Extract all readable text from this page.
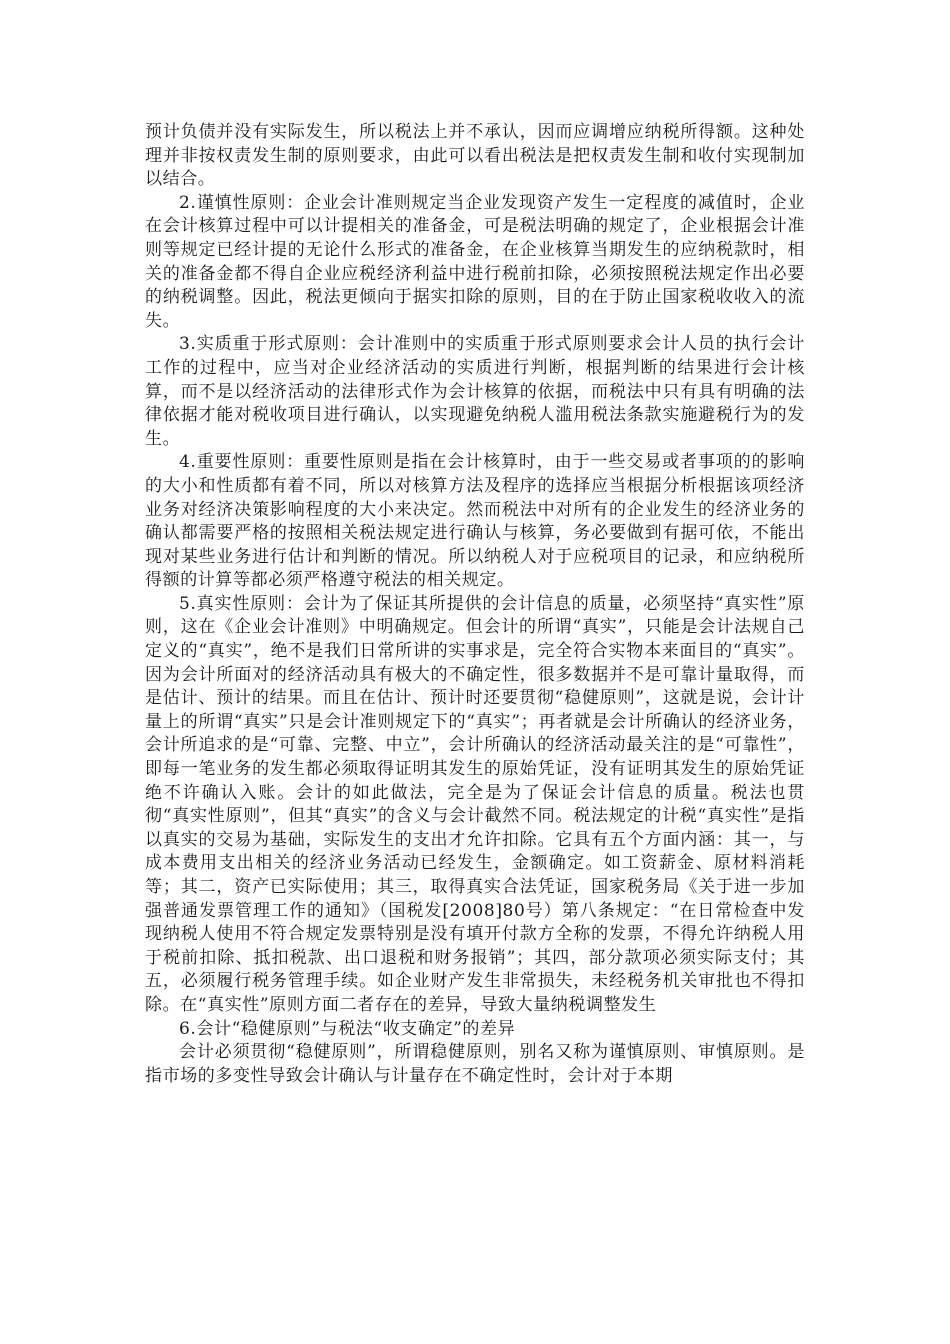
预计负债并没有实际发生，所以税法上并不承认，因而应调增应纳税所得额。这种处理并非按权责发生制的原则要求，由此可以看出税法是把权责发生制和收付实现制加以结合。

2.谨慎性原则：企业会计准则规定当企业发现资产发生一定程度的减值时，企业在会计核算过程中可以计提相关的准备金，可是税法明确的规定了，企业根据会计准则等规定已经计提的无论什么形式的准备金，在企业核算当期发生的应纳税款时，相关的准备金都不得自企业应税经济利益中进行税前扣除，必须按照税法规定作出必要的纳税调整。因此，税法更倾向于据实扣除的原则，目的在于防止国家税收收入的流失。

3.实质重于形式原则：会计准则中的实质重于形式原则要求会计人员的执行会计工作的过程中，应当对企业经济活动的实质进行判断，根据判断的结果进行会计核算，而不是以经济活动的法律形式作为会计核算的依据，而税法中只有具有明确的法律依据才能对税收项目进行确认，以实现避免纳税人滥用税法条款实施避税行为的发生。

4.重要性原则：重要性原则是指在会计核算时，由于一些交易或者事项的的影响的大小和性质都有着不同，所以对核算方法及程序的选择应当根据分析根据该项经济业务对经济决策影响程度的大小来决定。然而税法中对所有的企业发生的经济业务的确认都需要严格的按照相关税法规定进行确认与核算，务必要做到有据可依，不能出现对某些业务进行估计和判断的情况。所以纳税人对于应税项目的记录，和应纳税所得额的计算等都必须严格遵守税法的相关规定。

5.真实性原则：会计为了保证其所提供的会计信息的质量，必须坚持“真实性”原则，这在《企业会计准则》中明确规定。但会计的所谓“真实”，只能是会计法规自己定义的“真实”，绝不是我们日常所讲的实事求是，完全符合实物本来面目的“真实”。因为会计所面对的经济活动具有极大的不确定性，很多数据并不是可靠计量取得，而是估计、预计的结果。而且在估计、预计时还要贯彻“稳健原则”，这就是说，会计计量上的所谓“真实”只是会计准则规定下的“真实”；再者就是会计所确认的经济业务，会计所追求的是“可靠、完整、中立”，会计所确认的经济活动最关注的是“可靠性”，即每一笔业务的发生都必须取得证明其发生的原始凭证，没有证明其发生的原始凭证绝不许确认入账。会计的如此做法，完全是为了保证会计信息的质量。税法也贯彻“真实性原则”，但其“真实”的含义与会计截然不同。税法规定的计税“真实性”是指以真实的交易为基础，实际发生的支出才允许扣除。它具有五个方面内涵：其一，与成本费用支出相关的经济业务活动已经发生，金额确定。如工资薪金、原材料消耗等；其二，资产已实际使用；其三，取得真实合法凭证，国家税务局《关于进一步加强普通发票管理工作的通知》（国税发[2008]80号）第八条规定：“在日常检查中发现纳税人使用不符合规定发票特别是没有填开付款方全称的发票，不得允许纳税人用于税前扣除、抵扣税款、出口退税和财务报销”；其四，部分款项必须实际支付；其五，必须履行税务管理手续。如企业财产发生非常损失，未经税务机关审批也不得扣除。在“真实性”原则方面二者存在的差异，导致大量纳税调整发生

6.会计“稳健原则”与税法“收支确定”的差异

会计必须贯彻“稳健原则”，所谓稳健原则，别名又称为谨慎原则、审慎原则。是指市场的多变性导致会计确认与计量存在不确定性时，会计对于本期
